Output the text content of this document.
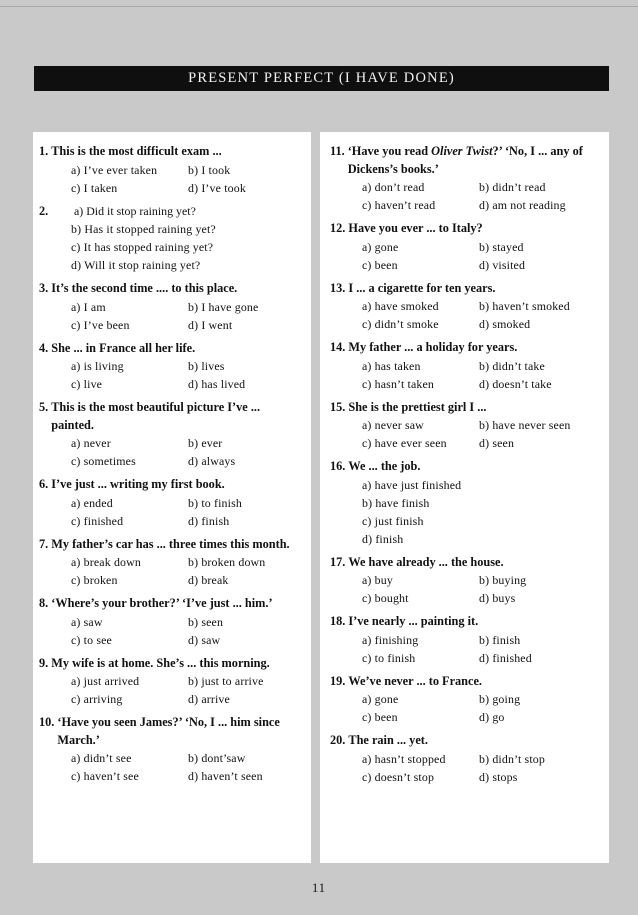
PRESENT PERFECT (I HAVE DONE)
1. This is the most difficult exam ...
a) I’ve ever taken	b) I took
c) I taken	d) I’ve took
2.	a) Did it stop raining yet?
b) Has it stopped raining yet?
c) It has stopped raining yet?
d) Will it stop raining yet?
3. It’s the second time .... to this place.
a) I am	b) I have gone
c) I’ve been	d) I went
4. She ... in France all her life.
a) is living	b) lives
c) live	d) has lived
5. This is the most beautiful picture I’ve ... painted.
a) never	b) ever
c) sometimes	d) always
6. I’ve just ... writing my first book.
a) ended	b) to finish
c) finished	d) finish
7. My father’s car has ... three times this month.
a) break down	b) broken down
c) broken	d) break
8. ‘Where’s your brother?’ ‘I’ve just ... him.’
a) saw	b) seen
c) to see	d) saw
9. My wife is at home. She’s ... this morning.
a) just arrived	b) just to arrive
c) arriving	d) arrive
10. ‘Have you seen James?’ ‘No, I ... him since March.’
a) didn’t see	b) dont’saw
c) haven’t see	d) haven’t seen
11. ‘Have you read Oliver Twist?’ ‘No, I ... any of Dickens’s books.’
a) don’t read	b) didn’t read
c) haven’t read	d) am not reading
12. Have you ever ... to Italy?
a) gone	b) stayed
c) been	d) visited
13. I ... a cigarette for ten years.
a) have smoked	b) haven’t smoked
c) didn’t smoke	d) smoked
14. My father ... a holiday for years.
a) has taken	b) didn’t take
c) hasn’t taken	d) doesn’t take
15. She is the prettiest girl I ...
a) never saw	b) have never seen
c) have ever seen	d) seen
16. We ... the job.
a) have just finished
b) have finish
c) just finish
d) finish
17. We have already ... the house.
a) buy	b) buying
c) bought	d) buys
18. I’ve nearly ... painting it.
a) finishing	b) finish
c) to finish	d) finished
19. We’ve never ... to France.
a) gone	b) going
c) been	d) go
20. The rain ... yet.
a) hasn’t stopped	b) didn’t stop
c) doesn’t stop	d) stops
11
